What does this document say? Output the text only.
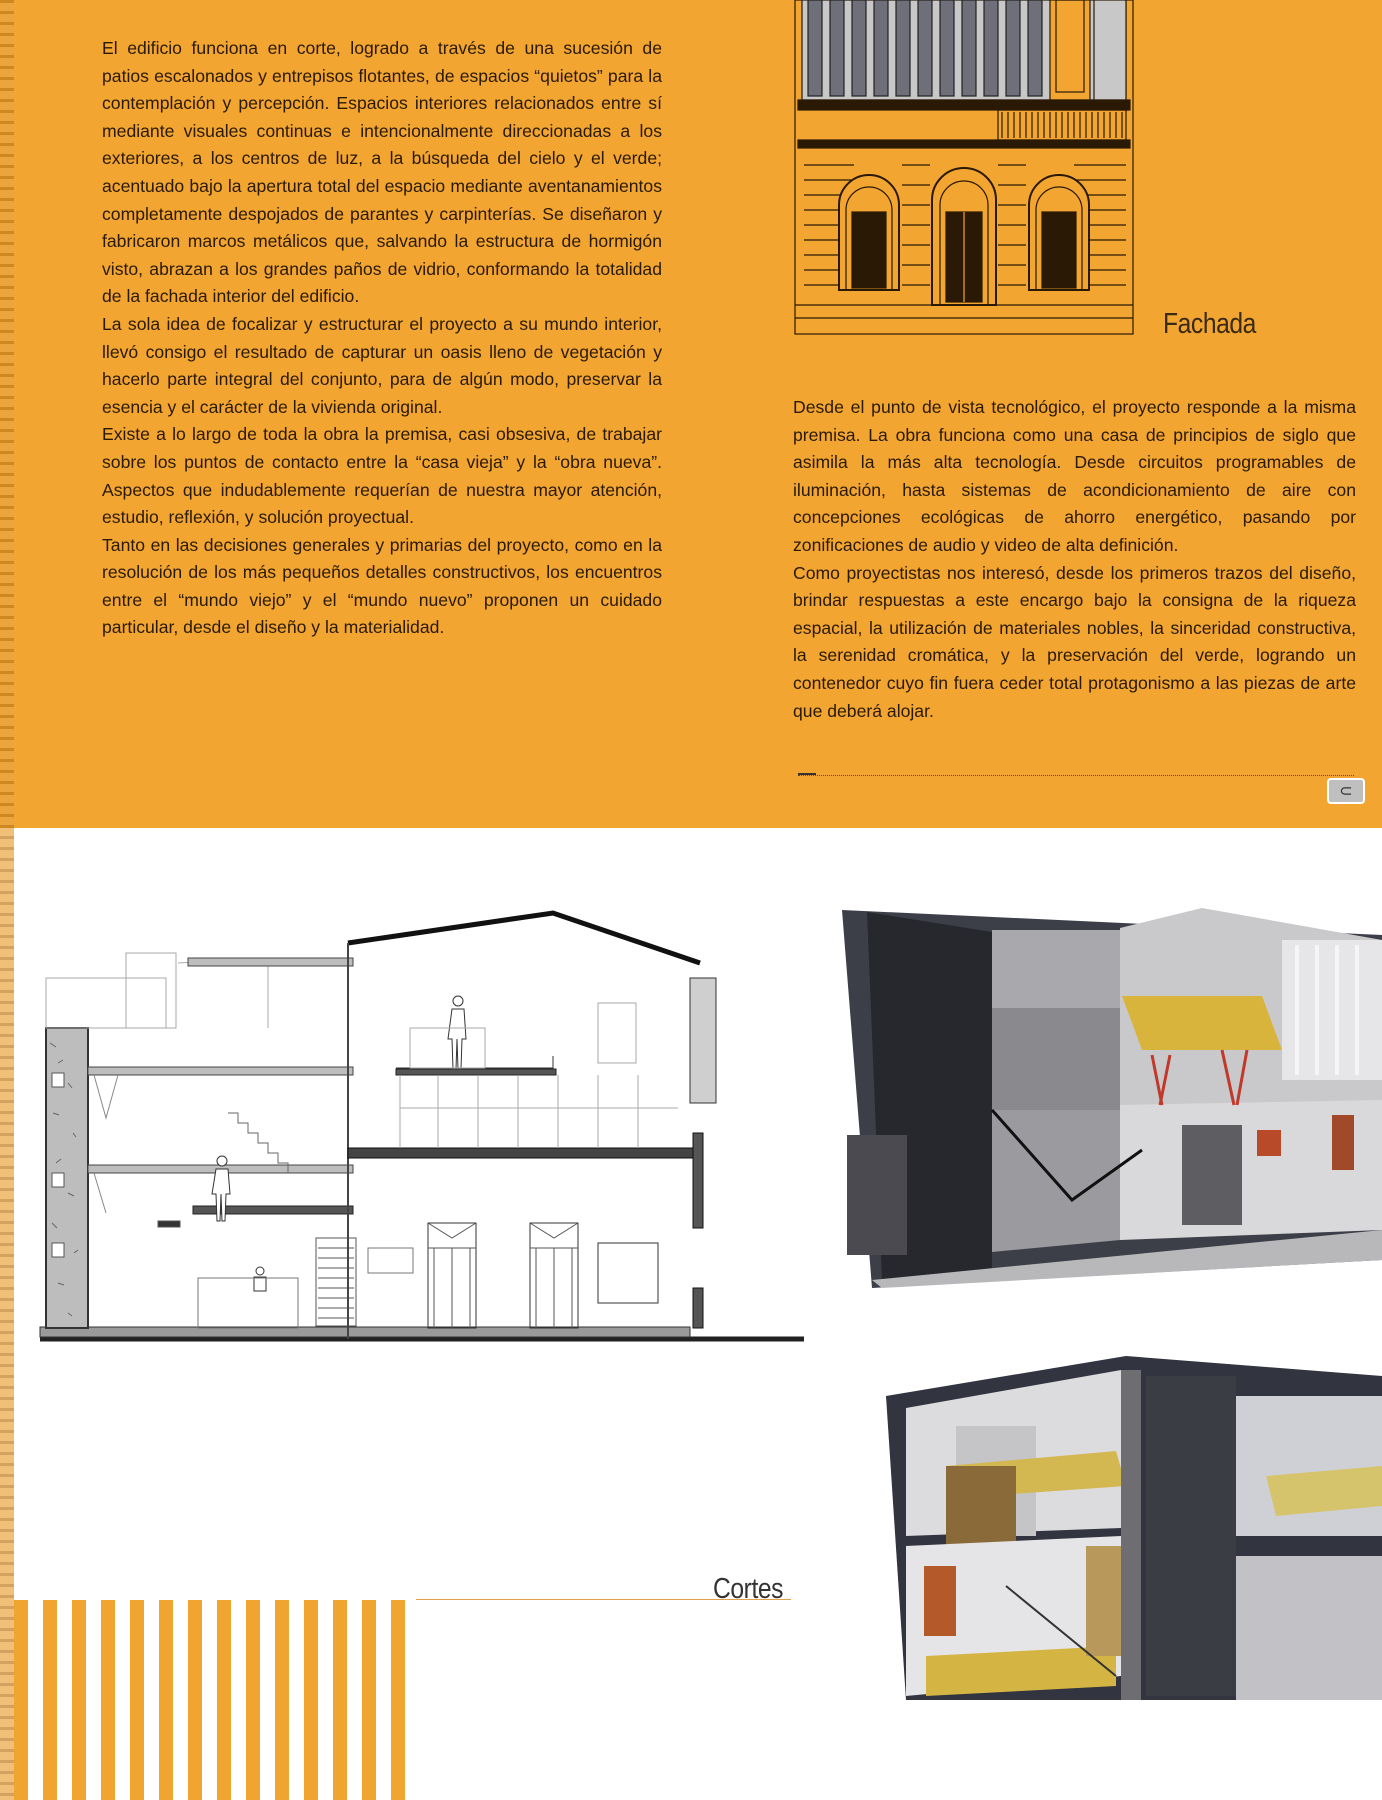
El edificio funciona en corte, logrado a través de una sucesión de patios escalonados y entrepisos flotantes, de espacios “quietos” para la contemplación y percepción. Espacios interiores relacionados entre sí mediante visuales continuas e intencionalmente direccionadas a los exteriores, a los centros de luz, a la búsqueda del cielo y el verde; acentuado bajo la apertura total del espacio mediante aventanamientos completamente despojados de parantes y carpinterías. Se diseñaron y fabricaron marcos metálicos que, salvando la estructura de hormigón visto, abrazan a los grandes paños de vidrio, conformando la totalidad de la fachada interior del edificio.

La sola idea de focalizar y estructurar el proyecto a su mundo interior, llevó consigo el resultado de capturar un oasis lleno de vegetación y hacerlo parte integral del conjunto, para de algún modo, preservar la esencia y el carácter de la vivienda original.

Existe a lo largo de toda la obra la premisa, casi obsesiva, de trabajar sobre los puntos de contacto entre la “casa vieja” y la “obra nueva”. Aspectos que indudablemente requerían de nuestra mayor atención, estudio, reflexión, y solución proyectual.

Tanto en las decisiones generales y primarias del proyecto, como en la resolución de los más pequeños detalles constructivos, los encuentros entre el “mundo viejo” y el “mundo nuevo” proponen un cuidado particular, desde el diseño y la materialidad.

Fachada

Desde el punto de vista tecnológico, el proyecto responde a la misma premisa. La obra funciona como una casa de principios de siglo que asimila la más alta tecnología. Desde circuitos programables de iluminación, hasta sistemas de acondicionamiento de aire con concepciones ecológicas de ahorro energético, pasando por zonificaciones de audio y video de alta definición.

Como proyectistas nos interesó, desde los primeros trazos del diseño, brindar respuestas a este encargo bajo la consigna de la riqueza espacial, la utilización de materiales nobles, la sinceridad constructiva, la serenidad cromática, y la preservación del verde, logrando un contenedor cuyo fin fuera ceder total protagonismo a las piezas de arte que deberá alojar.

⊂
Cortes
